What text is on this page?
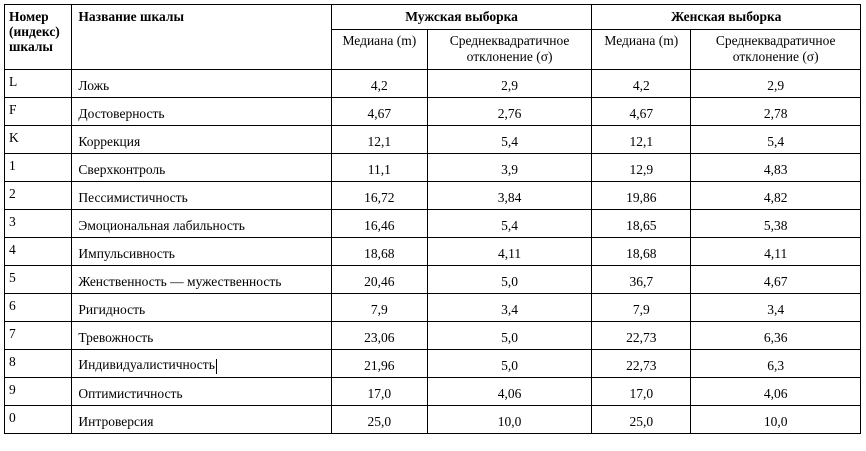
Номер (индекс) шкалы	Название шкалы	Мужская выборка		Женская выборка	
		Медиана (m)	Среднеквадратичное отклонение (σ)	Медиана (m)	Среднеквадратичное отклонение (σ)
L	Ложь	4,2	2,9	4,2	2,9
F	Достоверность	4,67	2,76	4,67	2,78
K	Коррекция	12,1	5,4	12,1	5,4
1	Сверхконтроль	11,1	3,9	12,9	4,83
2	Пессимистичность	16,72	3,84	19,86	4,82
3	Эмоциональная лабильность	16,46	5,4	18,65	5,38
4	Импульсивность	18,68	4,11	18,68	4,11
5	Женственность — мужественность	20,46	5,0	36,7	4,67
6	Ригидность	7,9	3,4	7,9	3,4
7	Тревожность	23,06	5,0	22,73	6,36
8	Индивидуалистичность	21,96	5,0	22,73	6,3
9	Оптимистичность	17,0	4,06	17,0	4,06
0	Интроверсия	25,0	10,0	25,0	10,0
